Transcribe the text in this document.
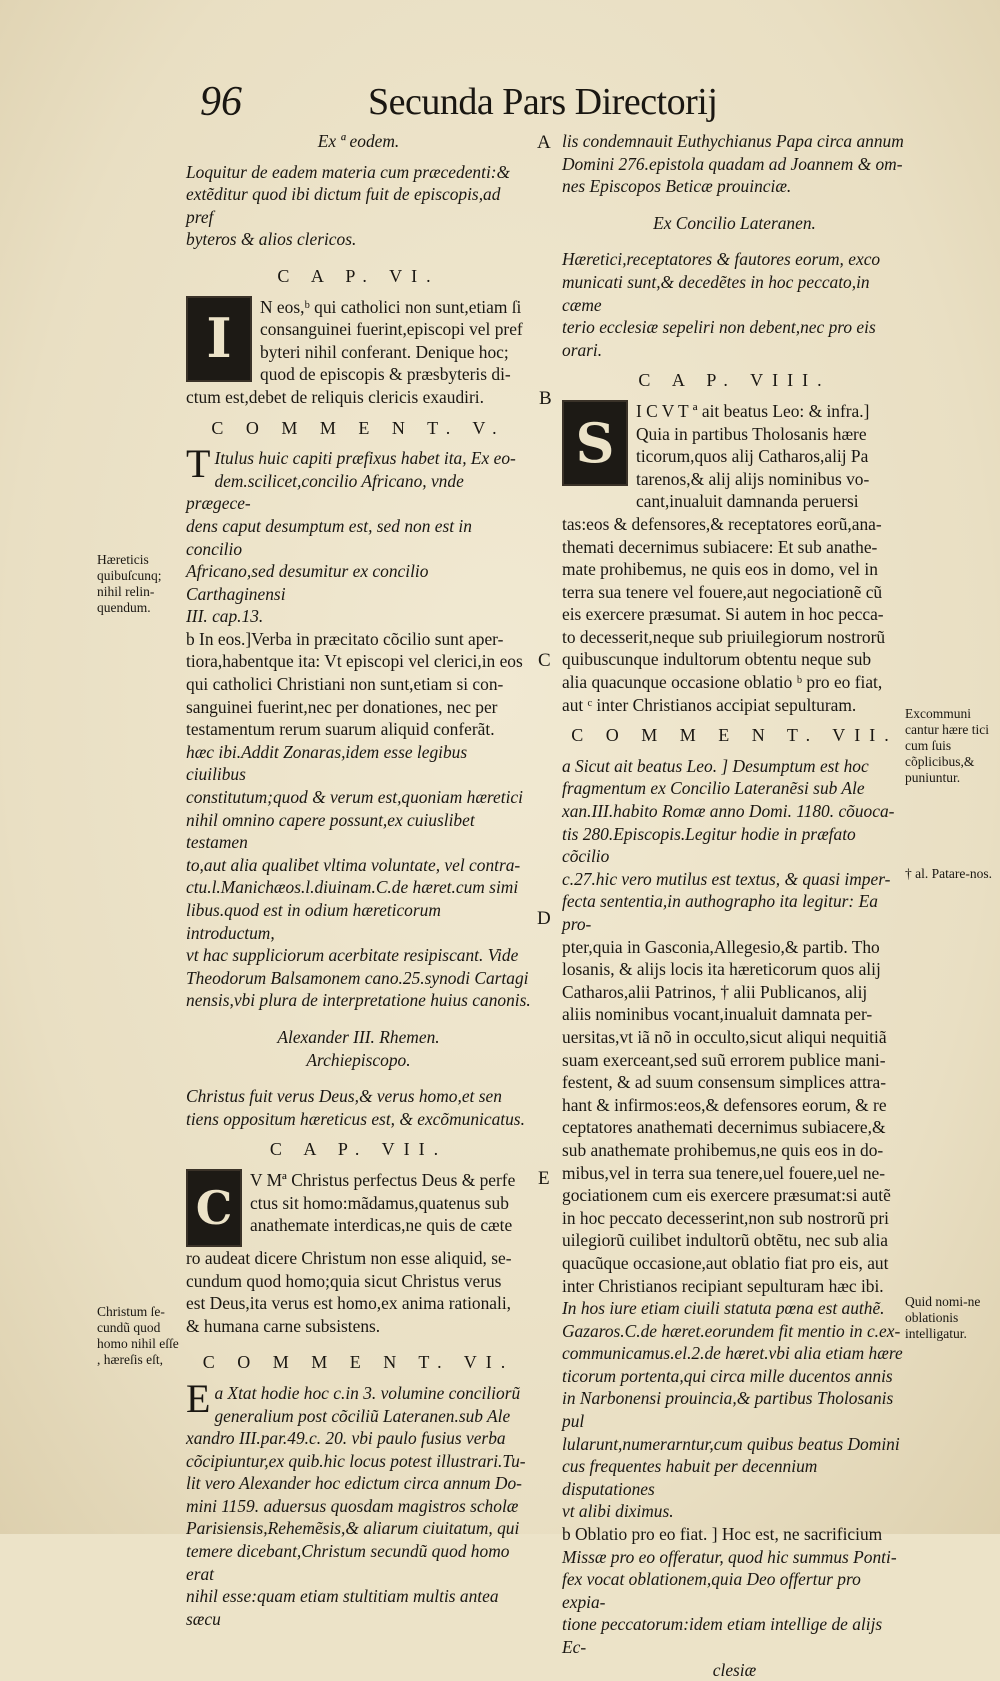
96	Secunda Pars Directorij
A
B
C
D
E

Ex ª eodem.

Loquitur de eadem materia cum præcedenti:&

extẽditur quod ibi dictum fuit de episcopis,ad pref

byteros & alios clericos.

C A P. VI.

I	N eos,ᵇ qui catholici non sunt,etiam ſi

consanguinei fuerint,episcopi vel pref

byteri nihil conferant. Denique hoc;

quod de episcopis & præsbyteris di-

ctum est,debet de reliquis clericis exaudiri.

C O M M E N T. V.

T Itulus huic capiti præfixus habet ita, Ex eo-

dem.scilicet,concilio Africano, vnde prægece-

dens caput desumptum est, sed non est in concilio

Africano,sed desumitur ex concilio Carthaginensi

III. cap.13.

b In eos.]Verba in præcitato cõcilio sunt aper-

tiora,habentque ita: Vt episcopi vel clerici,in eos

qui catholici Christiani non sunt,etiam si con-

sanguinei fuerint,nec per donationes, nec per

testamentum rerum suarum aliquid conferãt.

hæc ibi.Addit Zonaras,idem esse legibus ciuilibus

constitutum;quod & verum est,quoniam hæretici

nihil omnino capere possunt,ex cuiuslibet testamen

to,aut alia qualibet vltima voluntate, vel contra-

ctu.l.Manichæos.l.diuinam.C.de hæret.cum simi

libus.quod est in odium hæreticorum introductum,

vt hac suppliciorum acerbitate resipiscant. Vide

Theodorum Balsamonem cano.25.synodi Cartagi

nensis,vbi plura de interpretatione huius canonis.

Alexander III. Rhemen.

Archiepiscopo.

Christus fuit verus Deus,& verus homo,et sen

tiens oppositum hæreticus est, & excõmunicatus.

C A P. VII.

C

V Mª Christus perfectus Deus & perfe

ctus sit homo:mãdamus,quatenus sub

anathemate interdicas,ne quis de cæte

ro audeat dicere Christum non esse aliquid, se-

cundum quod homo;quia sicut Christus verus

est Deus,ita verus est homo,ex anima rationali,

& humana carne subsistens.

C O M M E N T. VI.

E a Xtat hodie hoc c.in 3. volumine conciliorũ

generalium post cõciliũ Lateranen.sub Ale

xandro III.par.49.c. 20. vbi paulo fusius verba

cõcipiuntur,ex quib.hic locus potest illustrari.Tu-

lit vero Alexander hoc edictum circa annum Do-

mini 1159. aduersus quosdam magistros scholæ

Parisiensis,Rehemẽsis,& aliarum ciuitatum, qui

temere dicebant,Christum secundũ quod homo erat

nihil esse:quam etiam stultitiam multis antea sæcu

lis condemnauit Euthychianus Papa circa annum

Domini 276.epistola quadam ad Joannem & om-

nes Episcopos Beticæ prouinciæ.

Ex Concilio Lateranen.

Hæretici,receptatores & fautores eorum, exco

municati sunt,& decedẽtes in hoc peccato,in cæme

terio ecclesiæ sepeliri non debent,nec pro eis orari.

C A P. VIII.

S	I C V T ª ait beatus Leo: & infra.]

Quia in partibus Tholosanis hære

ticorum,quos alij Catharos,alij Pa

tarenos,& alij alijs nominibus vo-

cant,inualuit damnanda peruersi

tas:eos & defensores,& receptatores eorũ,ana-

themati decernimus subiacere: Et sub anathe-

mate prohibemus, ne quis eos in domo, vel in

terra sua tenere vel fouere,aut negociationẽ cũ

eis exercere præsumat. Si autem in hoc pecca-

to decesserit,neque sub priuilegiorum nostrorũ

quibuscunque indultorum obtentu neque sub

alia quacunque occasione oblatio ᵇ pro eo fiat,

aut ᶜ inter Christianos accipiat sepulturam.

C O M M E N T. VII.

a Sicut ait beatus Leo. ] Desumptum est hoc

fragmentum ex Concilio Lateranẽsi sub Ale

xan.III.habito Romæ anno Domi. 1180. cõuoca-

tis 280.Episcopis.Legitur hodie in præfato cõcilio

c.27.hic vero mutilus est textus, & quasi imper-

fecta sententia,in authographo ita legitur: Ea pro-

pter,quia in Gasconia,Allegesio,& partib. Tho

losanis, & alijs locis ita hæreticorum quos alij

Catharos,alii Patrinos, † alii Publicanos, alij

aliis nominibus vocant,inualuit damnata per-

uersitas,vt iã nõ in occulto,sicut aliqui nequitiã

suam exerceant,sed suũ errorem publice mani-

festent, & ad suum consensum simplices attra-

hant & infirmos:eos,& defensores eorum, & re

ceptatores anathemati decernimus subiacere,&

sub anathemate prohibemus,ne quis eos in do-

mibus,vel in terra sua tenere,uel fouere,uel ne-

gociationem cum eis exercere præsumat:si autẽ

in hoc peccato decesserint,non sub nostrorũ pri

uilegiorũ cuilibet indultorũ obtẽtu, nec sub alia

quacũque occasione,aut oblatio fiat pro eis, aut

inter Christianos recipiant sepulturam hæc ibi.

In hos iure etiam ciuili statuta pœna est authẽ.

Gazaros.C.de hæret.eorundem fit mentio in c.ex-

communicamus.el.2.de hæret.vbi alia etiam hære

ticorum portenta,qui circa mille ducentos annis

in Narbonensi prouincia,& partibus Tholosanis pul

lularunt,numerarntur,cum quibus beatus Domini

cus frequentes habuit per decennium disputationes

vt alibi diximus.

b Oblatio pro eo fiat. ] Hoc est, ne sacrificium

Missæ pro eo offeratur, quod hic summus Ponti-

fex vocat oblationem,quia Deo offertur pro expia-

tione peccatorum:idem etiam intellige de alijs Ec-

clesiæ

Hæreticis quibuſcunq; nihil relin-quendum.
Christum ſe-cundũ quod homo nihil eſſe , hæreſis eſt,
Excommuni cantur hære tici cum ſuis cõplicibus,& puniuntur.
† al. Patare-nos.
Quid nomi-ne oblationis intelligatur.
